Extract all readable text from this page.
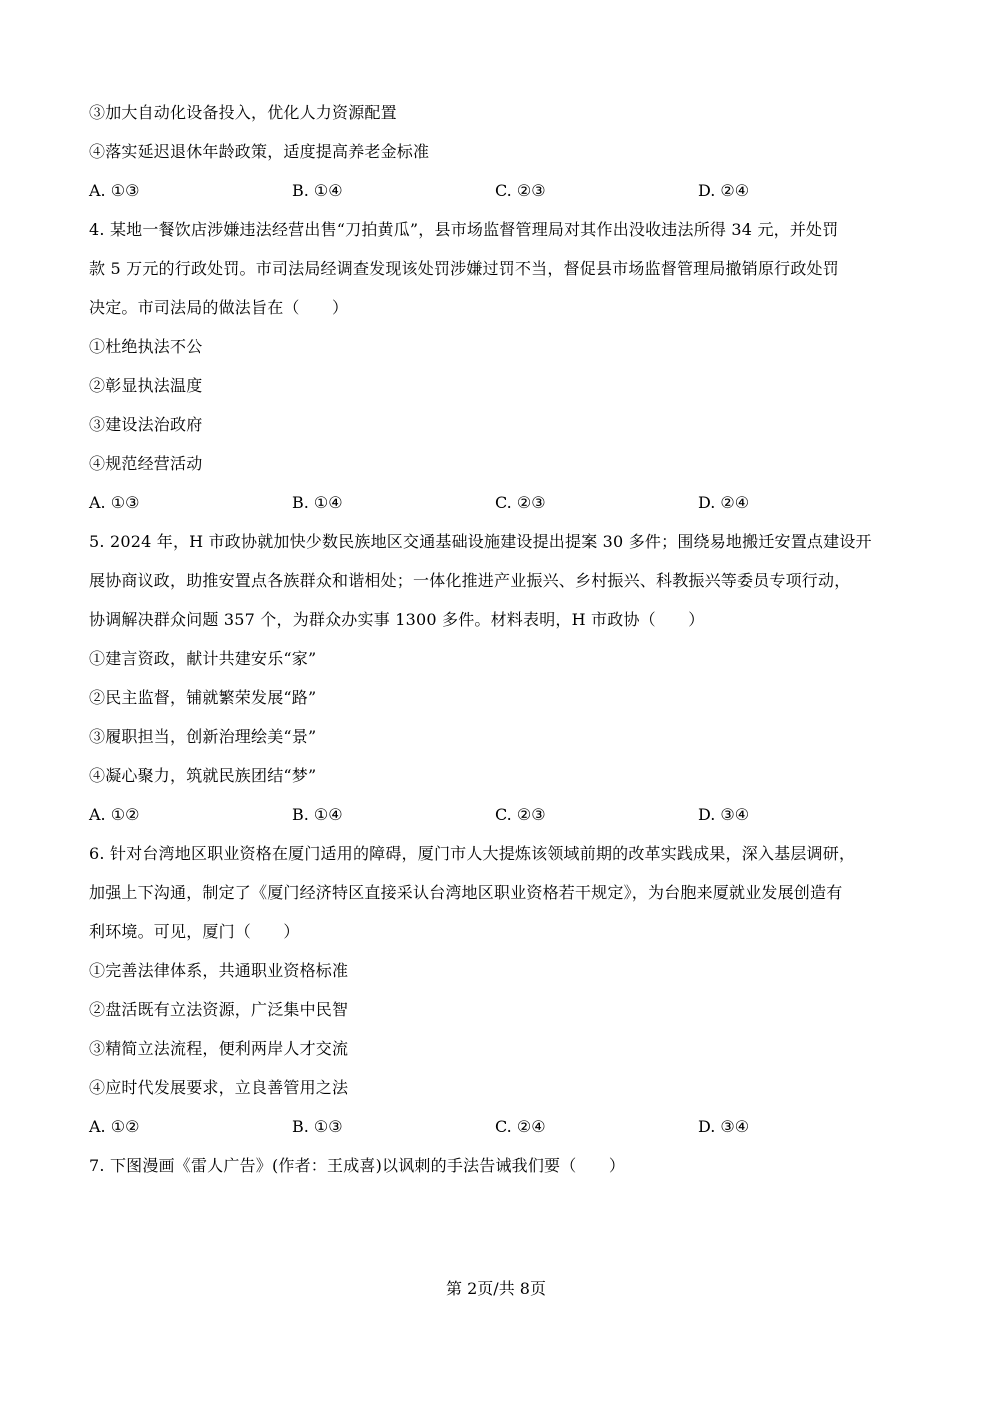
③加大自动化设备投入，优化人力资源配置
④落实延迟退休年龄政策，适度提高养老金标准
A. ①③	B. ①④	C. ②③	D. ②④
4. 某地一餐饮店涉嫌违法经营出售“刀拍黄瓜”，县市场监督管理局对其作出没收违法所得 34 元，并处罚
款 5 万元的行政处罚。市司法局经调查发现该处罚涉嫌过罚不当，督促县市场监督管理局撤销原行政处罚
决定。市司法局的做法旨在（　　）
①杜绝执法不公
②彰显执法温度
③建设法治政府
④规范经营活动
A. ①③	B. ①④	C. ②③	D. ②④
5. 2024 年，H 市政协就加快少数民族地区交通基础设施建设提出提案 30 多件；围绕易地搬迁安置点建设开
展协商议政，助推安置点各族群众和谐相处；一体化推进产业振兴、乡村振兴、科教振兴等委员专项行动，
协调解决群众问题 357 个，为群众办实事 1300 多件。材料表明，H 市政协（　　）
①建言资政，献计共建安乐“家”
②民主监督，铺就繁荣发展“路”
③履职担当，创新治理绘美“景”
④凝心聚力，筑就民族团结“梦”
A. ①②	B. ①④	C. ②③	D. ③④
6. 针对台湾地区职业资格在厦门适用的障碍，厦门市人大提炼该领域前期的改革实践成果，深入基层调研，
加强上下沟通，制定了《厦门经济特区直接采认台湾地区职业资格若干规定》，为台胞来厦就业发展创造有
利环境。可见，厦门（　　）
①完善法律体系，共通职业资格标准
②盘活既有立法资源，广泛集中民智
③精简立法流程，便利两岸人才交流
④应时代发展要求，立良善管用之法
A. ①②	B. ①③	C. ②④	D. ③④
7. 下图漫画《雷人广告》(作者：王成喜)以讽刺的手法告诫我们要（　　）
第 2页/共 8页
